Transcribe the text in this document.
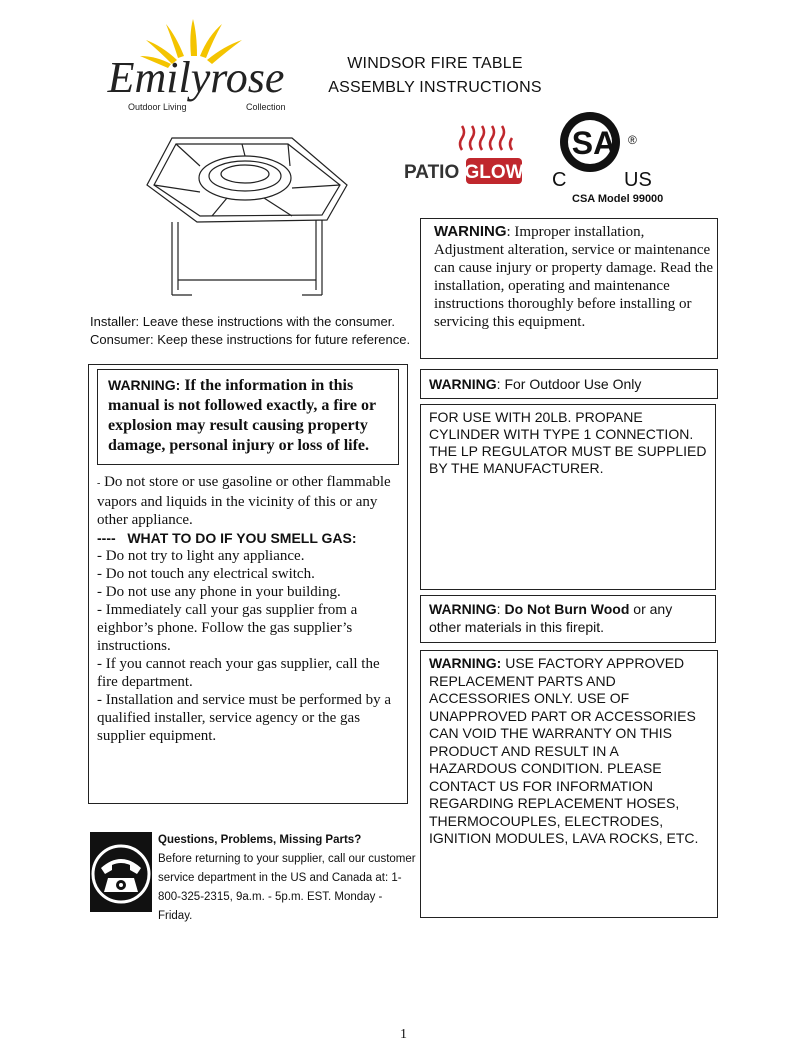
Emilyrose
Outdoor Living	Collection
WINDSOR FIRE TABLE
ASSEMBLY INSTRUCTIONS
PATIO GLOW
SA ®
C	US
CSA Model 99000
Installer: Leave these instructions with the consumer.
Consumer: Keep these instructions for future reference.
WARNING: Improper installation, Adjustment alteration, service or maintenance can cause injury or property damage. Read the installation, operating and maintenance instructions thoroughly before installing or servicing this equipment.
WARNING: If the information in this manual is not followed exactly, a fire or explosion may result causing property damage, personal injury or loss of life.
- Do not store or use gasoline or other flammable vapors and liquids in the vicinity of this or any other appliance.
---- WHAT TO DO IF YOU SMELL GAS:
- Do not try to light any appliance.
- Do not touch any electrical switch.
- Do not use any phone in your building.
- Immediately call your gas supplier from a eighbor’s phone. Follow the gas supplier’s instructions.
- If you cannot reach your gas supplier, call the fire department.
- Installation and service must be performed by a qualified installer, service agency or the gas supplier equipment.
WARNING: For Outdoor Use Only
FOR USE WITH 20LB. PROPANE CYLINDER WITH TYPE 1 CONNECTION. THE LP REGULATOR MUST BE SUPPLIED BY THE MANUFACTURER.
WARNING: Do Not Burn Wood or any other materials in this firepit.
WARNING: USE FACTORY APPROVED REPLACEMENT PARTS AND ACCESSORIES ONLY. USE OF UNAPPROVED PART OR ACCESSORIES CAN VOID THE WARRANTY ON THIS PRODUCT AND RESULT IN A HAZARDOUS CONDITION. PLEASE CONTACT US FOR INFORMATION REGARDING REPLACEMENT HOSES, THERMOCOUPLES, ELECTRODES, IGNITION MODULES, LAVA ROCKS, ETC.
Questions, Problems, Missing Parts?
Before returning to your supplier, call our customer service department in the US and Canada at: 1-800-325-2315, 9a.m. - 5p.m. EST. Monday - Friday.
1
